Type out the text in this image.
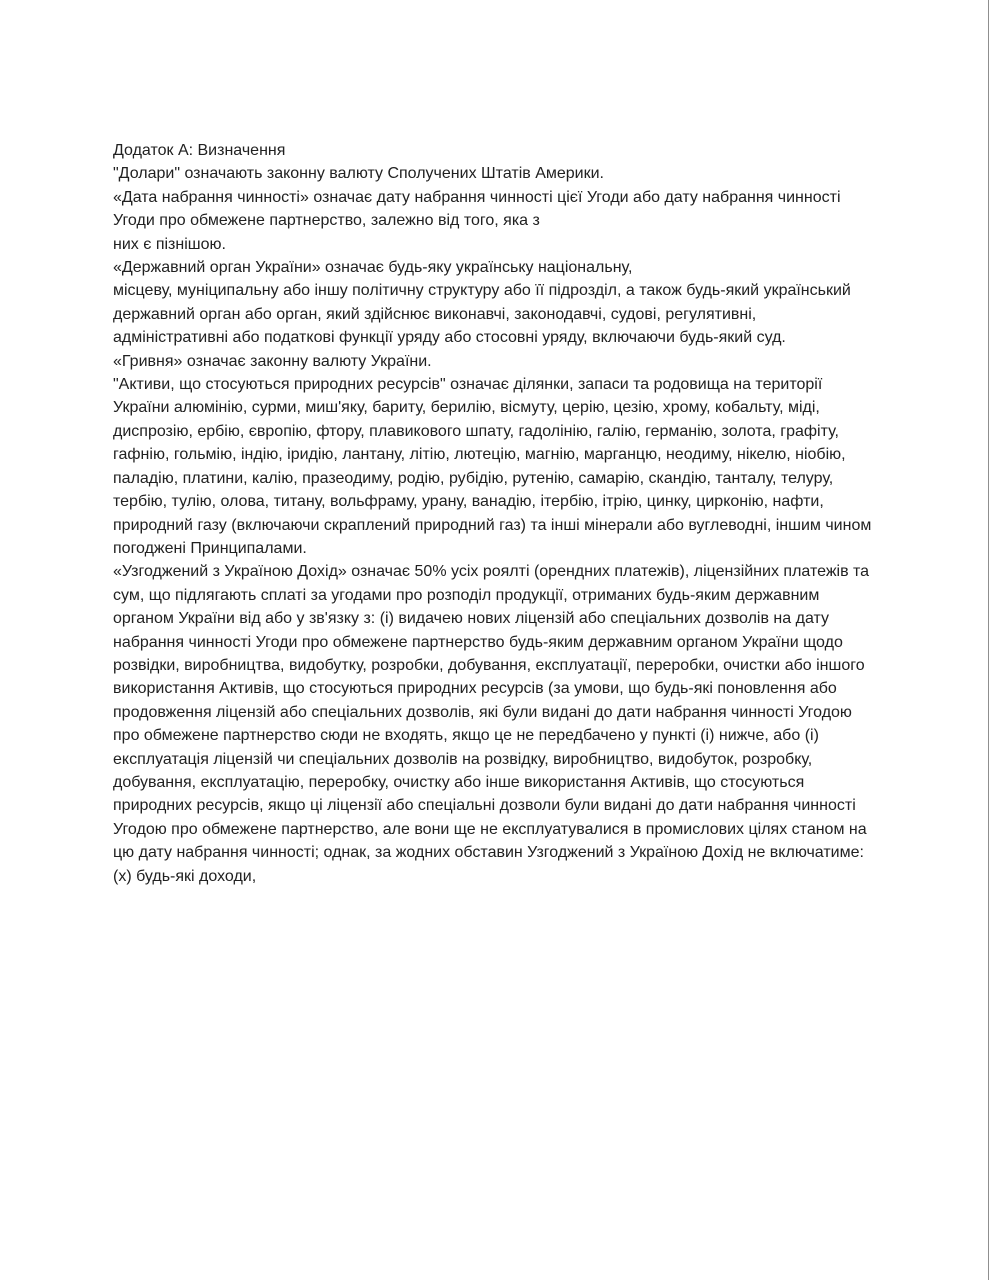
Додаток А: Визначення

"Долари" означають законну валюту Сполучених Штатів Америки.

«Дата набрання чинності» означає дату набрання чинності цієї Угоди або дату набрання чинності Угоди про обмежене партнерство, залежно від того, яка з

них є пізнішою.

«Державний орган України» означає будь-яку українську національну,

місцеву, муніципальну або іншу політичну структуру або її підрозділ, а також будь-який український державний орган або орган, який здійснює виконавчі, законодавчі, судові, регулятивні, адміністративні або податкові функції уряду або стосовні уряду, включаючи будь-який суд.

«Гривня» означає законну валюту України.

"Активи, що стосуються природних ресурсів" означає ділянки, запаси та родовища на території України алюмінію, сурми, миш'яку, бариту, берилію, вісмуту, церію, цезію, хрому, кобальту, міді, диспрозію, ербію, європію, фтору, плавикового шпату, гадолінію, галію, германію, золота, графіту, гафнію, гольмію, індію, іридію, лантану, літію, лютецію, магнію, марганцю, неодиму, нікелю, ніобію, паладію, платини, калію, празеодиму, родію, рубідію, рутенію, самарію, скандію, танталу, телуру, тербію, тулію, олова, титану, вольфраму, урану, ванадію, ітербію, ітрію, цинку, цирконію, нафти, природний газу (включаючи скраплений природний газ) та інші мінерали або вуглеводні, іншим чином погоджені Принципалами.

«Узгоджений з Україною Дохід» означає 50% усіх роялті (орендних платежів), ліцензійних платежів та сум, що підлягають сплаті за угодами про розподіл продукції, отриманих будь-яким державним органом України від або у зв'язку з: (і) видачею нових ліцензій або спеціальних дозволів на дату набрання чинності Угоди про обмежене партнерство будь-яким державним органом України щодо розвідки, виробництва, видобутку, розробки, добування, експлуатації, переробки, очистки або іншого використання Активів, що стосуються природних ресурсів (за умови, що будь-які поновлення або продовження ліцензій або спеціальних дозволів, які були видані до дати набрання чинності Угодою про обмежене партнерство сюди не входять, якщо це не передбачено у пункті (і) нижче, або (і) експлуатація ліцензій чи спеціальних дозволів на розвідку, виробництво, видобуток, розробку, добування, експлуатацію, переробку, очистку або інше використання Активів, що стосуються природних ресурсів, якщо ці ліцензії або спеціальні дозволи були видані до дати набрання чинності Угодою про обмежене партнерство, але вони ще не експлуатувалися в промислових цілях станом на цю дату набрання чинності; однак, за жодних обставин Узгоджений з Україною Дохід не включатиме: (х) будь-які доходи,
